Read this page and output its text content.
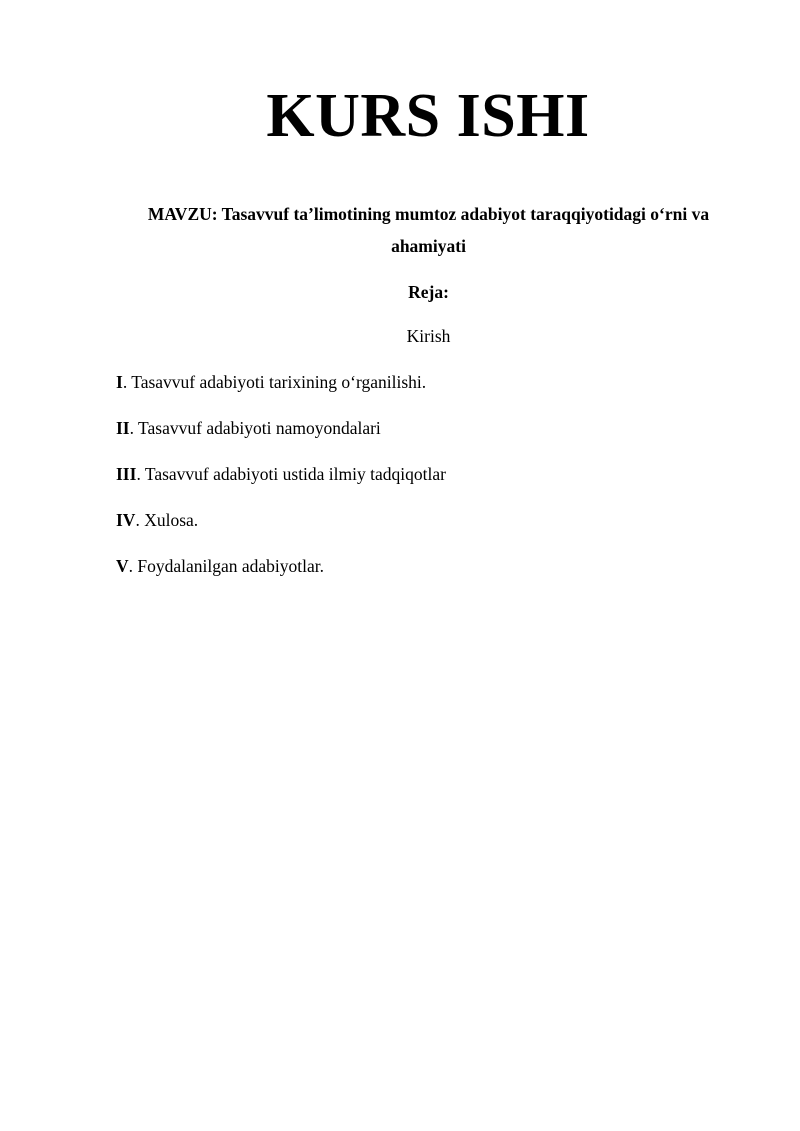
KURS ISHI

MAVZU: Tasavvuf ta’limotining mumtoz adabiyot taraqqiyotidagi o‘rni va ahamiyati

Reja:

Kirish

I. Tasavvuf adabiyoti tarixining o‘rganilishi.
II. Tasavvuf adabiyoti namoyondalari
III. Tasavvuf adabiyoti ustida ilmiy tadqiqotlar
IV. Xulosa.
V. Foydalanilgan adabiyotlar.
